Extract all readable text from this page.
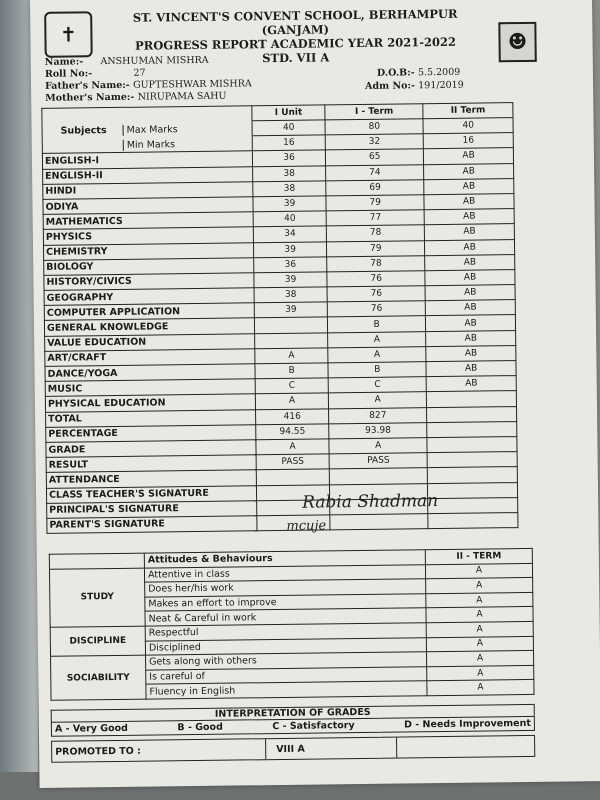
✝	☻
ST. VINCENT'S CONVENT SCHOOL, BERHAMPUR (GANJAM)
PROGRESS REPORT ACADEMIC YEAR 2021-2022
STD. VII A
Name:- ANSHUMAN MISHRA
Roll No:-	27
Father's Name:- GUPTESHWAR MISHRA
Mother's Name:- NIRUPAMA SAHU
D.O.B:- 5.5.2009
Adm No:- 191/2019
	I Unit	I - Term	II Term
Subjects Max Marks	40	80	40
Min Marks	16	32	16
ENGLISH-I	36	65	AB
ENGLISH-II	38	74	AB
HINDI	38	69	AB
ODIYA	39	79	AB
MATHEMATICS	40	77	AB
PHYSICS	34	78	AB
CHEMISTRY	39	79	AB
BIOLOGY	36	78	AB
HISTORY/CIVICS	39	76	AB
GEOGRAPHY	38	76	AB
COMPUTER APPLICATION	39	76	AB
GENERAL KNOWLEDGE		B	AB
VALUE EDUCATION		A	AB
ART/CRAFT	A	A	AB
DANCE/YOGA	B	B	AB
MUSIC	C	C	AB
PHYSICAL EDUCATION	A	A	
TOTAL	416	827	
PERCENTAGE	94.55	93.98	
GRADE	A	A	
RESULT	PASS	PASS	
ATTENDANCE			
CLASS TEACHER'S SIGNATURE			
PRINCIPAL'S SIGNATURE			
PARENT'S SIGNATURE			
Rabia Shadman
mcuje
	Attitudes & Behaviours	II - TERM
STUDY	Attentive in class	A
	Does her/his work	A
	Makes an effort to improve	A
	Neat & Careful in work	A
DISCIPLINE	Respectful	A
	Disciplined	A
SOCIABILITY	Gets along with others	A
	Is careful of	A
	Fluency in English	A
INTERPRETATION OF GRADES
A - Very Good	B - Good	C - Satisfactory	D - Needs Improvement
PROMOTED TO :	VIII A
